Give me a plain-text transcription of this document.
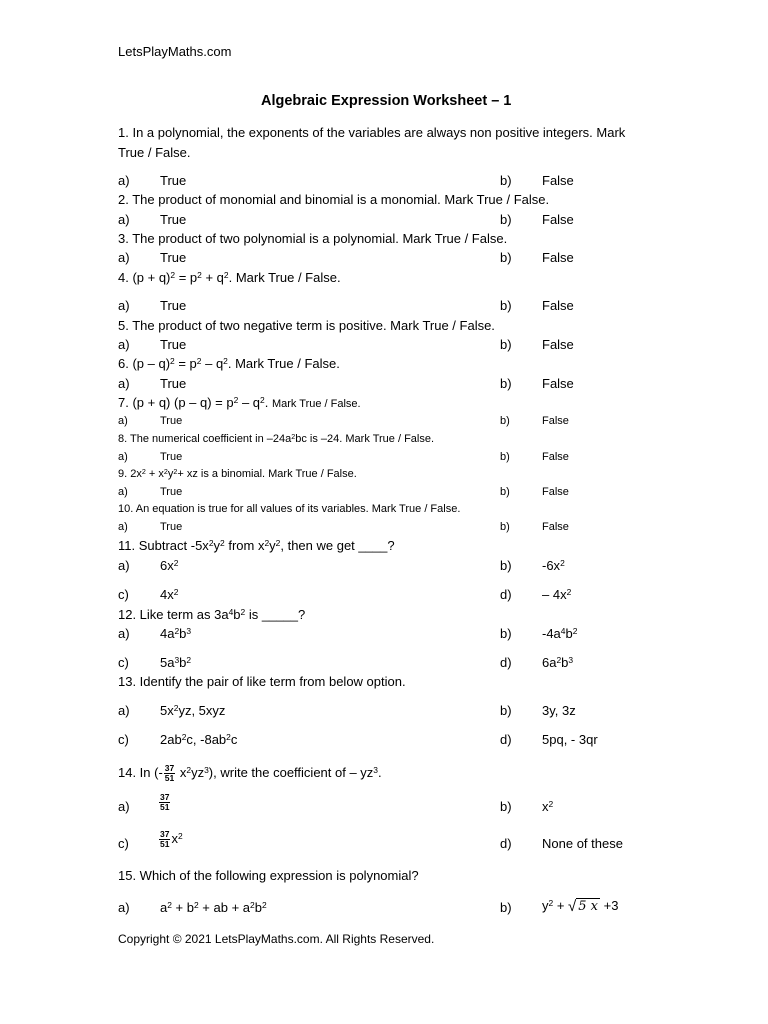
LetsPlayMaths.com
Algebraic Expression Worksheet – 1
1. In a polynomial, the exponents of the variables are always non positive integers. Mark
True / False.
a) True	b) False
2. The product of monomial and binomial is a monomial. Mark True / False.
a) True	b) False
3. The product of two polynomial is a polynomial. Mark True / False.
a) True	b) False
4. $(p + q)^2 = p^2 + q^2$. Mark True / False.
a) True	b) False
5. The product of two negative term is positive. Mark True / False.
a) True	b) False
6. $(p - q)^2 = p^2 - q^2$. Mark True / False.
a) True	b) False
7. (p + q) $(p - q) = p^2 - q^2$. Mark True / False.
a)	True	b)	False
8. The numerical coefficient in $-24a^2bc$ is –24. Mark True / False.
a)	True	b)	False
9. $2x^2 + x^2y^2+$ xz is a binomial. Mark True / False.
a)	True	b)	False
10. An equation is true for all values of its variables. Mark True / False.
a)	True	b)	False
11. Subtract $-5x^2y^2$ from $x^2y^2$, then we get ____?
a) $6x^2$	b) $-6x^2$
c) $4x^2$	$d) - 4x^2$
12. Like term as $3a^4b^2$ is _____?
a) $4a^2b^3$	b) $-4a^4b^2$
c) $5a^3b^2$	d) $6a^2b^3$
13. Identify the pair of like term from below option.
a) $5x^2yz$, 5xyz	b) 3y, 3z
c) $2ab^2c$, $-8ab^2c$	d) 5pq, - 3qr
14. In (- $\frac{37}{51} x^2yz^3$), write the coefficient of – $yz^3$.
a)	$\frac{37}{51}$	b) $x^2$
c)	$\frac{37}{51} x^2$	d) None of these
15. Which of the following expression is polynomial?
a) $a^2 + b^2$ + ab + $a^2b^2$	b) $y^2$ + √ 5 x +3
Copyright © 2021 LetsPlayMaths.com. All Rights Reserved.
